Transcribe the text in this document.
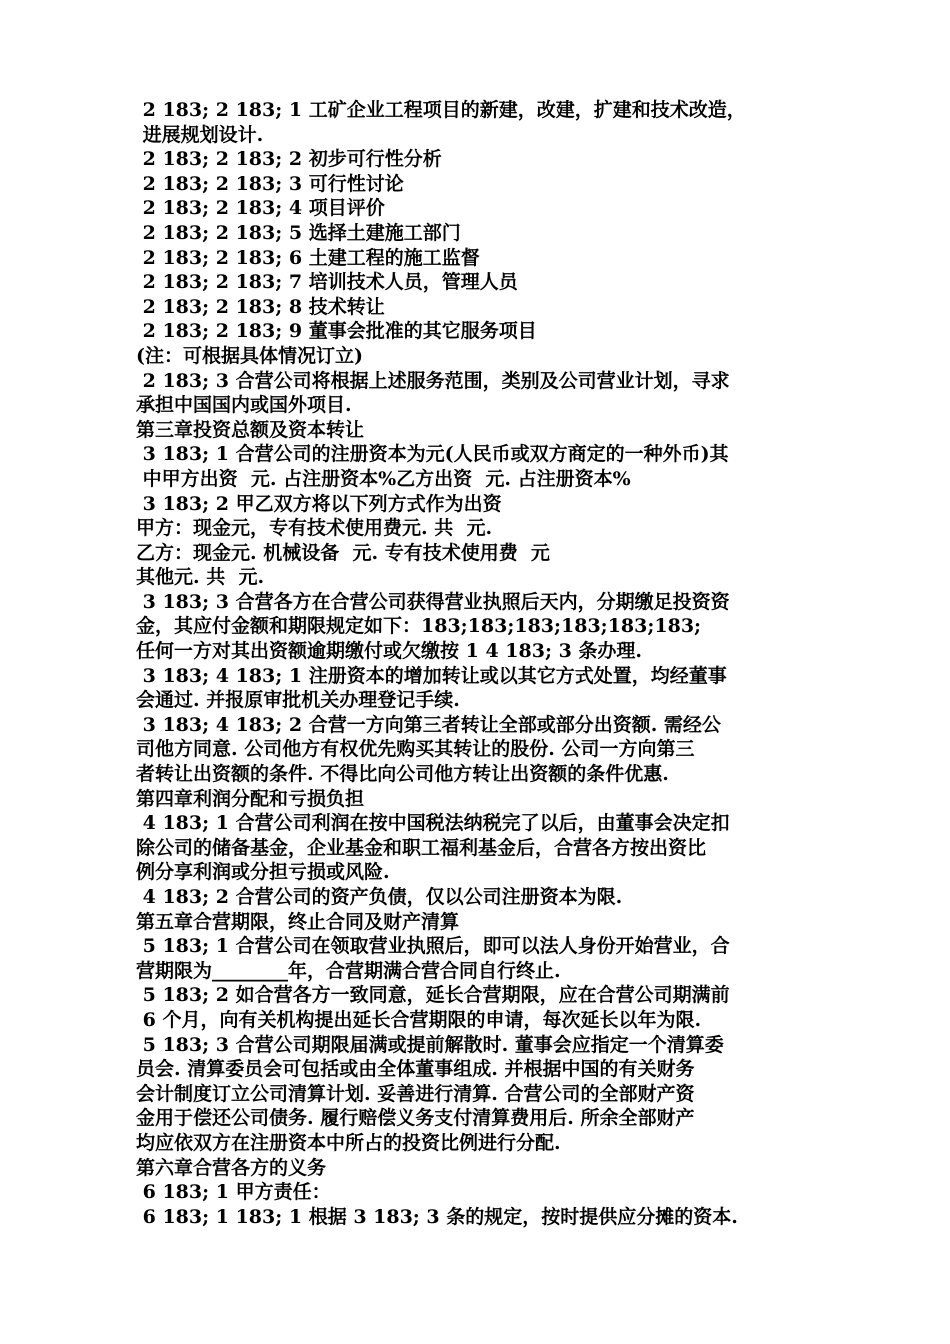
2 183; 2 183; 1 工矿企业工程项目的新建，改建，扩建和技术改造，
进展规划设计.
2 183; 2 183; 2 初步可行性分析
2 183; 2 183; 3 可行性讨论
2 183; 2 183; 4 项目评价
2 183; 2 183; 5 选择土建施工部门
2 183; 2 183; 6 土建工程的施工监督
2 183; 2 183; 7 培训技术人员，管理人员
2 183; 2 183; 8 技术转让
2 183; 2 183; 9 董事会批准的其它服务项目
(注：可根据具体情况订立)
2 183; 3 合营公司将根据上述服务范围，类别及公司营业计划，寻求
承担中国国内或国外项目.
第三章投资总额及资本转让
3 183; 1 合营公司的注册资本为元(人民币或双方商定的一种外币)其
中甲方出资  元. 占注册资本%乙方出资  元. 占注册资本%
3 183; 2 甲乙双方将以下列方式作为出资
甲方：现金元，专有技术使用费元. 共  元.
乙方：现金元. 机械设备  元. 专有技术使用费  元
其他元. 共  元.
3 183; 3 合营各方在合营公司获得营业执照后天内，分期缴足投资资
金，其应付金额和期限规定如下：183;183;183;183;183;183;
任何一方对其出资额逾期缴付或欠缴按 1 4 183; 3 条办理.
3 183; 4 183; 1 注册资本的增加转让或以其它方式处置，均经董事
会通过. 并报原审批机关办理登记手续.
3 183; 4 183; 2 合营一方向第三者转让全部或部分出资额. 需经公
司他方同意. 公司他方有权优先购买其转让的股份. 公司一方向第三
者转让出资额的条件. 不得比向公司他方转让出资额的条件优惠.
第四章利润分配和亏损负担
4 183; 1 合营公司利润在按中国税法纳税完了以后，由董事会决定扣
除公司的储备基金，企业基金和职工福利基金后，合营各方按出资比
例分享利润或分担亏损或风险.
4 183; 2 合营公司的资产负债，仅以公司注册资本为限.
第五章合营期限，终止合同及财产清算
5 183; 1 合营公司在领取营业执照后，即可以法人身份开始营业，合
营期限为________年，合营期满合营合同自行终止.
5 183; 2 如合营各方一致同意，延长合营期限，应在合营公司期满前
6 个月，向有关机构提出延长合营期限的申请，每次延长以年为限.
5 183; 3 合营公司期限届满或提前解散时. 董事会应指定一个清算委
员会. 清算委员会可包括或由全体董事组成. 并根据中国的有关财务
会计制度订立公司清算计划. 妥善进行清算. 合营公司的全部财产资
金用于偿还公司债务. 履行赔偿义务支付清算费用后. 所余全部财产
均应依双方在注册资本中所占的投资比例进行分配.
第六章合营各方的义务
6 183; 1 甲方责任：
6 183; 1 183; 1 根据 3 183; 3 条的规定，按时提供应分摊的资本.
